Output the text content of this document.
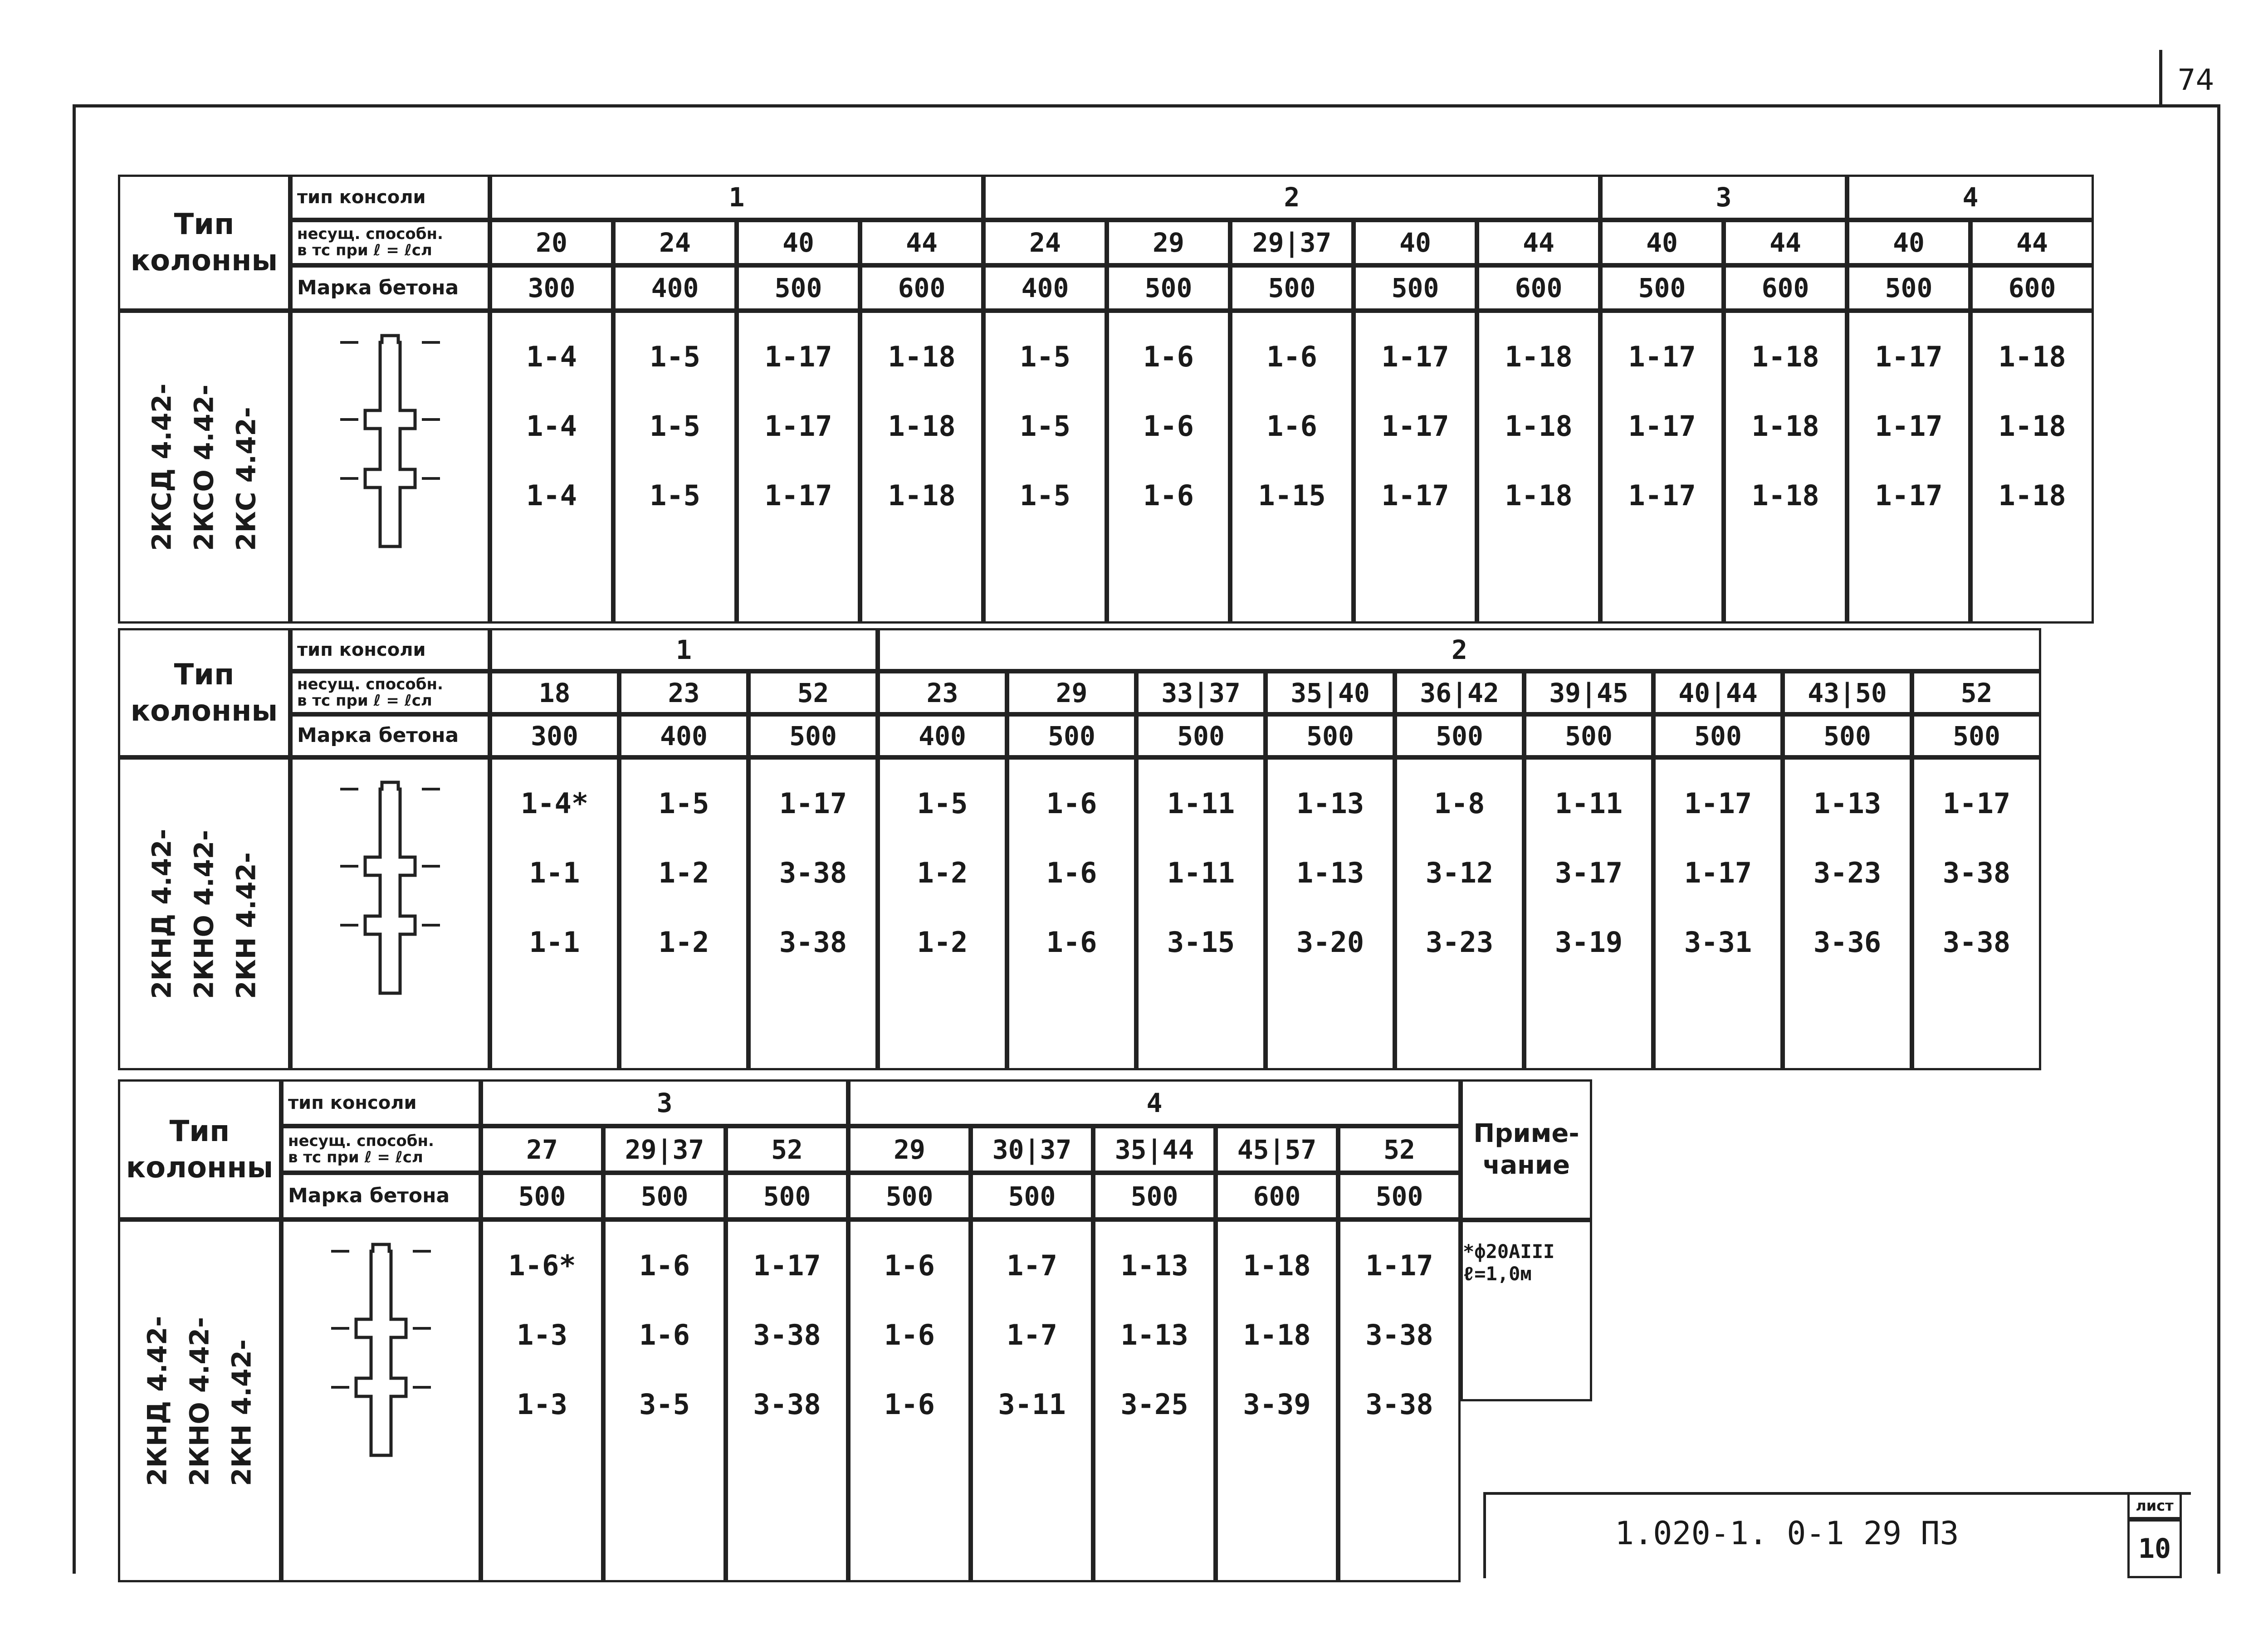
74
Тип
колонны
тип консоли
несущ. способн.
в тс при ℓ = ℓсл
Марка бетона
2КСД 4.42- 2КСО 4.42- 2КС 4.42-
1
20
300
1-4
1-4
1-4
24
400
1-5
1-5
1-5
40
500
1-17
1-17
1-17
44
600
1-18
1-18
1-18
2
24
400
1-5
1-5
1-5
29
500
1-6
1-6
1-6
29|37
500
1-6
1-6
1-15
40
500
1-17
1-17
1-17
44
600
1-18
1-18
1-18
3
40
500
1-17
1-17
1-17
44
600
1-18
1-18
1-18
4
40
500
1-17
1-17
1-17
44
600
1-18
1-18
1-18
Тип
колонны
тип консоли
несущ. способн.
в тс при ℓ = ℓсл
Марка бетона
2КНД 4.42- 2КНО 4.42- 2КН 4.42-
1
18
300
1-4*
1-1
1-1
23
400
1-5
1-2
1-2
52
500
1-17
3-38
3-38
2
23
400
1-5
1-2
1-2
29
500
1-6
1-6
1-6
33|37
500
1-11
1-11
3-15
35|40
500
1-13
1-13
3-20
36|42
500
1-8
3-12
3-23
39|45
500
1-11
3-17
3-19
40|44
500
1-17
1-17
3-31
43|50
500
1-13
3-23
3-36
52
500
1-17
3-38
3-38
Тип
колонны
тип консоли
несущ. способн.
в тс при ℓ = ℓсл
Марка бетона
2КНД 4.42- 2КНО 4.42- 2КН 4.42-
3
27
500
1-6*
1-3
1-3
29|37
500
1-6
1-6
3-5
52
500
1-17
3-38
3-38
4
29
500
1-6
1-6
1-6
30|37
500
1-7
1-7
3-11
35|44
500
1-13
1-13
3-25
45|57
600
1-18
1-18
3-39
52
500
1-17
3-38
3-38
Приме-
чание
*ф20АIII ℓ=1,0м
1.020-1. 0-1 29 ПЗ
лист
10
